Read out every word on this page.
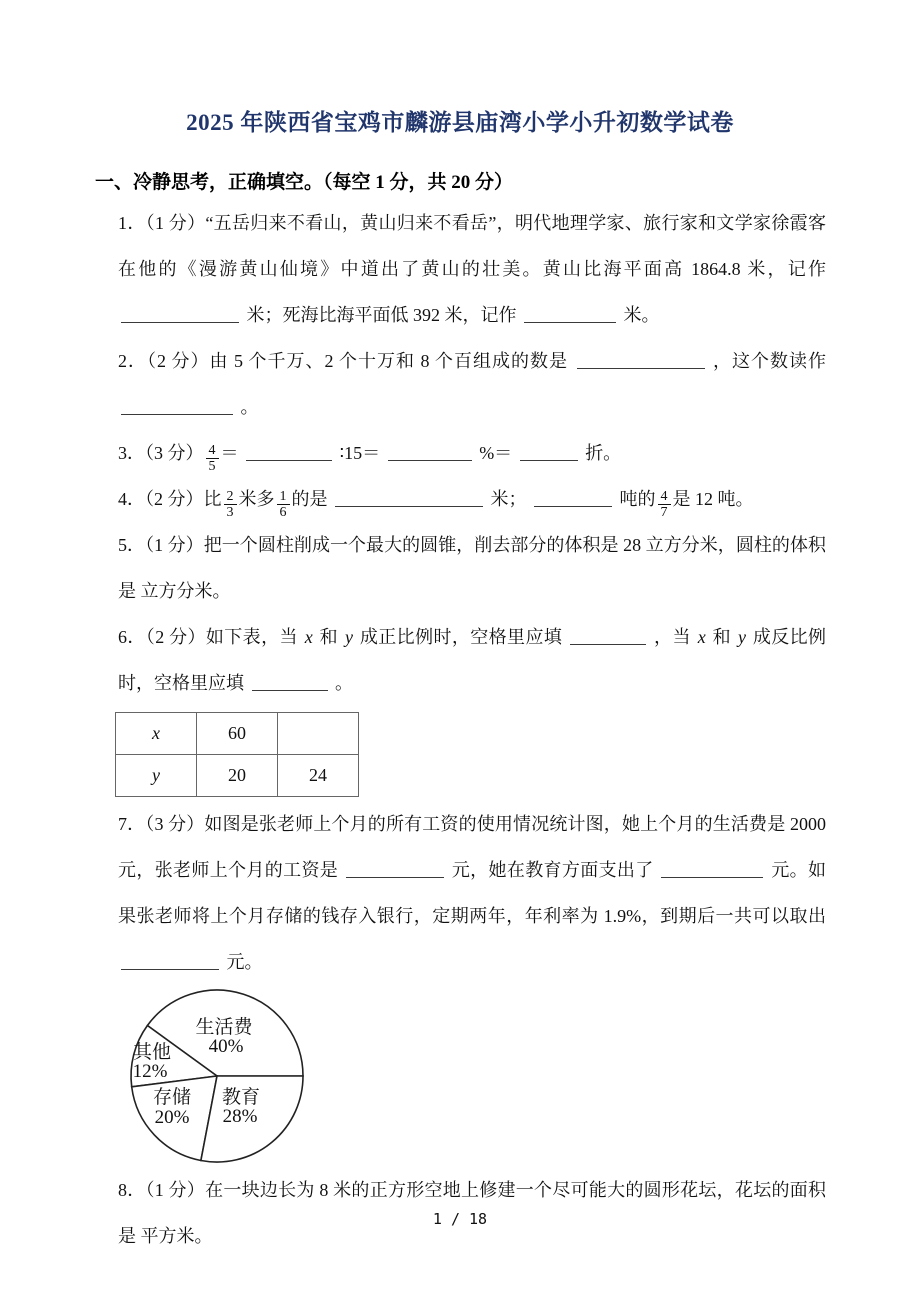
2025 年陕西省宝鸡市麟游县庙湾小学小升初数学试卷
一、冷静思考，正确填空。（每空 1 分，共 20 分）

1．（1 分）“五岳归来不看山，黄山归来不看岳”，明代地理学家、旅行家和文学家徐霞客在他的《漫游黄山仙境》中道出了黄山的壮美。黄山比海平面高 1864.8 米，记作  米；死海比海平面低 392 米，记作	米。

2．（2 分）由 5 个千万、2 个十万和 8 个百组成的数是	，这个数读作  。

3．（3 分） $\frac{4}{5}$ ＝	∶15＝	%＝	折。

4．（2 分）比 $\frac{2}{3}$ 米多 $\frac{1}{6}$ 的是	米；	吨的 $\frac{4}{7}$ 是 12 吨。

5．（1 分）把一个圆柱削成一个最大的圆锥，削去部分的体积是 28 立方分米，圆柱的体积是 立方分米。

6．（2 分）如下表，当 x 和 y 成正比例时，空格里应填	，当 x 和 y 成反比例时，空格里应填	。

x	60	
y	20	24

7．（3 分）如图是张老师上个月的所有工资的使用情况统计图，她上个月的生活费是 2000 元，张老师上个月的工资是	元，她在教育方面支出了	元。如果张老师将上个月存储的钱存入银行，定期两年，年利率为 1.9%，到期后一共可以取出  元。

生活费
40%
其他
12%
存储
20%
教育
28%

8．（1 分）在一块边长为 8 米的正方形空地上修建一个尽可能大的圆形花坛，花坛的面积是 平方米。

1 / 18
